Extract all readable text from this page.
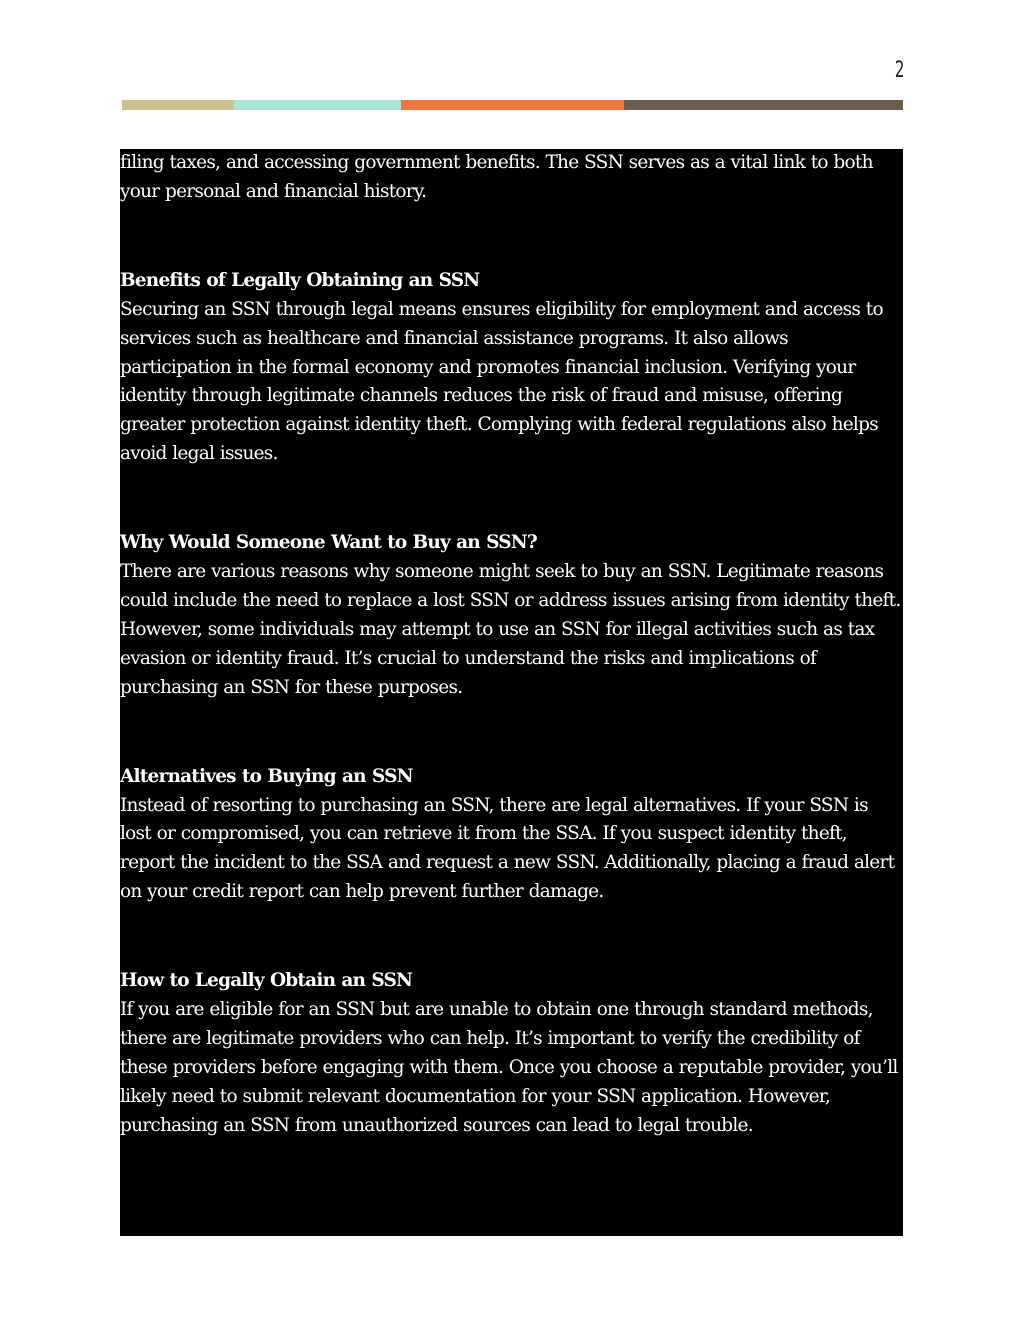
2

filing taxes, and accessing government benefits. The SSN serves as a vital link to both your personal and financial history.

Benefits of Legally Obtaining an SSN

Securing an SSN through legal means ensures eligibility for employment and access to services such as healthcare and financial assistance programs. It also allows participation in the formal economy and promotes financial inclusion. Verifying your identity through legitimate channels reduces the risk of fraud and misuse, offering greater protection against identity theft. Complying with federal regulations also helps avoid legal issues.

Why Would Someone Want to Buy an SSN?

There are various reasons why someone might seek to buy an SSN. Legitimate reasons could include the need to replace a lost SSN or address issues arising from identity theft. However, some individuals may attempt to use an SSN for illegal activities such as tax evasion or identity fraud. It’s crucial to understand the risks and implications of purchasing an SSN for these purposes.

Alternatives to Buying an SSN

Instead of resorting to purchasing an SSN, there are legal alternatives. If your SSN is lost or compromised, you can retrieve it from the SSA. If you suspect identity theft, report the incident to the SSA and request a new SSN. Additionally, placing a fraud alert on your credit report can help prevent further damage.

How to Legally Obtain an SSN

If you are eligible for an SSN but are unable to obtain one through standard methods, there are legitimate providers who can help. It’s important to verify the credibility of these providers before engaging with them. Once you choose a reputable provider, you’ll likely need to submit relevant documentation for your SSN application. However, purchasing an SSN from unauthorized sources can lead to legal trouble.
